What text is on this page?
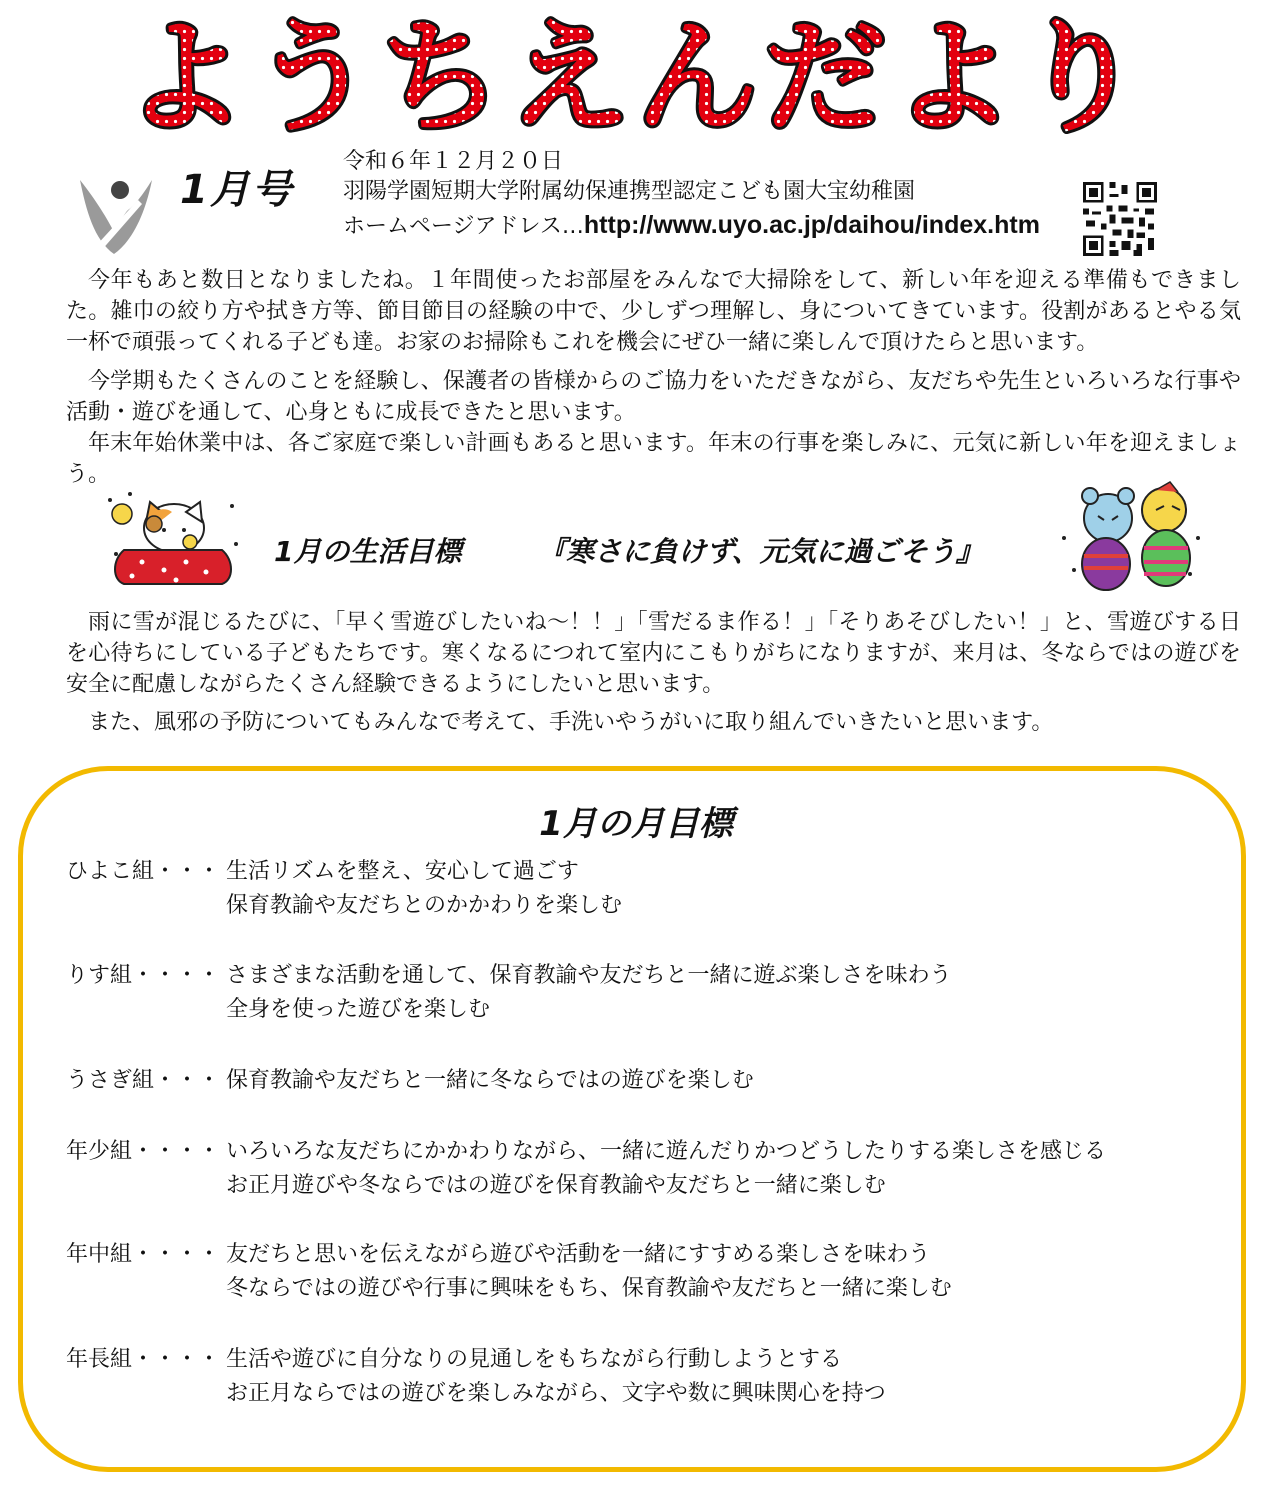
ようちえんだより
1月号
令和６年１２月２０日
羽陽学園短期大学附属幼保連携型認定こども園大宝幼稚園
ホームページアドレス…http://www.uyo.ac.jp/daihou/index.htm

今年もあと数日となりましたね。１年間使ったお部屋をみんなで大掃除をして、新しい年を迎える準備もできました。雑巾の絞り方や拭き方等、節目節目の経験の中で、少しずつ理解し、身についてきています。役割があるとやる気一杯で頑張ってくれる子ども達。お家のお掃除もこれを機会にぜひ一緒に楽しんで頂けたらと思います。

今学期もたくさんのことを経験し、保護者の皆様からのご協力をいただきながら、友だちや先生といろいろな行事や活動・遊びを通して、心身ともに成長できたと思います。

年末年始休業中は、各ご家庭で楽しい計画もあると思います。年末の行事を楽しみに、元気に新しい年を迎えましょう。

1月の生活目標	『寒さに負けず、元気に過ごそう』

雨に雪が混じるたびに、「早く雪遊びしたいね～！！」「雪だるま作る！」「そりあそびしたい！」と、雪遊びする日を心待ちにしている子どもたちです。寒くなるにつれて室内にこもりがちになりますが、来月は、冬ならではの遊びを安全に配慮しながらたくさん経験できるようにしたいと思います。

また、風邪の予防についてもみんなで考えて、手洗いやうがいに取り組んでいきたいと思います。

1月の月目標
ひよこ組・・・ 生活リズムを整え、安心して過ごす
保育教諭や友だちとのかかわりを楽しむ
りす組・・・・ さまざまな活動を通して、保育教諭や友だちと一緒に遊ぶ楽しさを味わう
全身を使った遊びを楽しむ
うさぎ組・・・ 保育教諭や友だちと一緒に冬ならではの遊びを楽しむ
年少組・・・・ いろいろな友だちにかかわりながら、一緒に遊んだりかつどうしたりする楽しさを感じる
お正月遊びや冬ならではの遊びを保育教諭や友だちと一緒に楽しむ
年中組・・・・ 友だちと思いを伝えながら遊びや活動を一緒にすすめる楽しさを味わう
冬ならではの遊びや行事に興味をもち、保育教諭や友だちと一緒に楽しむ
年長組・・・・ 生活や遊びに自分なりの見通しをもちながら行動しようとする
お正月ならではの遊びを楽しみながら、文字や数に興味関心を持つ
